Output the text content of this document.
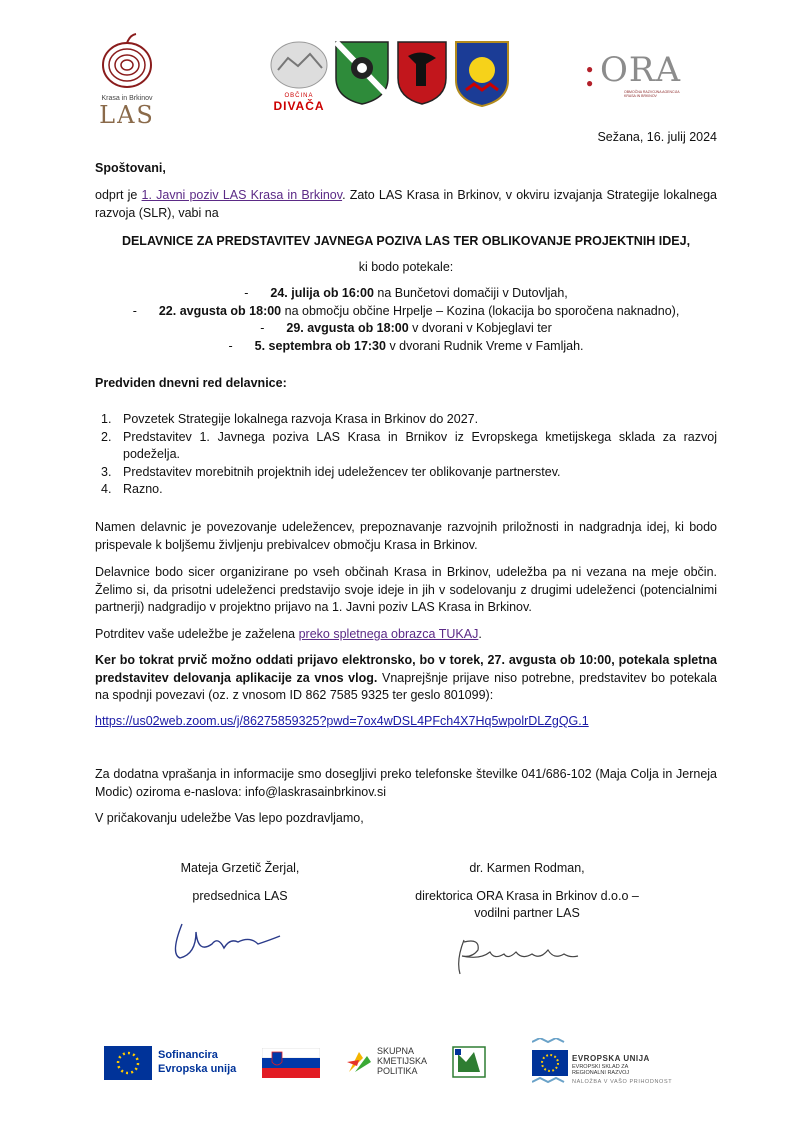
Krasa in Brkinov
LAS
OBČINA
DIVAČA
●
● ORA
OBMOČNA RAZVOJNA AGENCIJA KRASA IN BRKINOV
Sežana, 16. julij 2024

Spoštovani,

odprt je 1. Javni poziv LAS Krasa in Brkinov. Zato LAS Krasa in Brkinov, v okviru izvajanja Strategije lokalnega razvoja (SLR), vabi na

DELAVNICE ZA PREDSTAVITEV JAVNEGA POZIVA LAS TER OBLIKOVANJE PROJEKTNIH IDEJ,
ki bodo potekale:
- 24. julija ob 16:00 na Bunčetovi domačiji v Dutovljah,
- 22. avgusta ob 18:00 na območju občine Hrpelje – Kozina (lokacija bo sporočena naknadno),
- 29. avgusta ob 18:00 v dvorani v Kobjeglavi ter
- 5. septembra ob 17:30 v dvorani Rudnik Vreme v Famljah.

Predviden dnevni red delavnice:

1. Povzetek Strategije lokalnega razvoja Krasa in Brkinov do 2027.
2. Predstavitev 1. Javnega poziva LAS Krasa in Brnikov iz Evropskega kmetijskega sklada za razvoj podeželja.
3. Predstavitev morebitnih projektnih idej udeležencev ter oblikovanje partnerstev.
4. Razno.

Namen delavnic je povezovanje udeležencev, prepoznavanje razvojnih priložnosti in nadgradnja idej, ki bodo prispevale k boljšemu življenju prebivalcev območju Krasa in Brkinov.

Delavnice bodo sicer organizirane po vseh občinah Krasa in Brkinov, udeležba pa ni vezana na meje občin. Želimo si, da prisotni udeleženci predstavijo svoje ideje in jih v sodelovanju z drugimi udeleženci (potencialnimi partnerji) nadgradijo v projektno prijavo na 1. Javni poziv LAS Krasa in Brkinov.

Potrditev vaše udeležbe je zaželena preko spletnega obrazca TUKAJ.

Ker bo tokrat prvič možno oddati prijavo elektronsko, bo v torek, 27. avgusta ob 10:00, potekala spletna predstavitev delovanja aplikacije za vnos vlog. Vnaprejšnje prijave niso potrebne, predstavitev bo potekala na spodnji povezavi (oz. z vnosom ID 862 7585 9325 ter geslo 801099):

https://us02web.zoom.us/j/86275859325?pwd=7ox4wDSL4PFch4X7Hq5wpolrDLZgQG.1

Za dodatna vprašanja in informacije smo dosegljivi preko telefonske številke 041/686-102 (Maja Colja in Jerneja Modic) oziroma e-naslova: info@laskrasainbrkinov.si

V pričakovanju udeležbe Vas lepo pozdravljamo,

Mateja Grzetič Žerjal,
predsednica LAS
dr. Karmen Rodman,
direktorica ORA Krasa in Brkinov d.o.o –
vodilni partner LAS
Sofinancira
Evropska unija
SKUPNA
KMETIJSKA
POLITIKA
EVROPSKA UNIJA
EVROPSKI SKLAD ZA
REGIONALNI RAZVOJ
NALOŽBA V VAŠO PRIHODNOST
